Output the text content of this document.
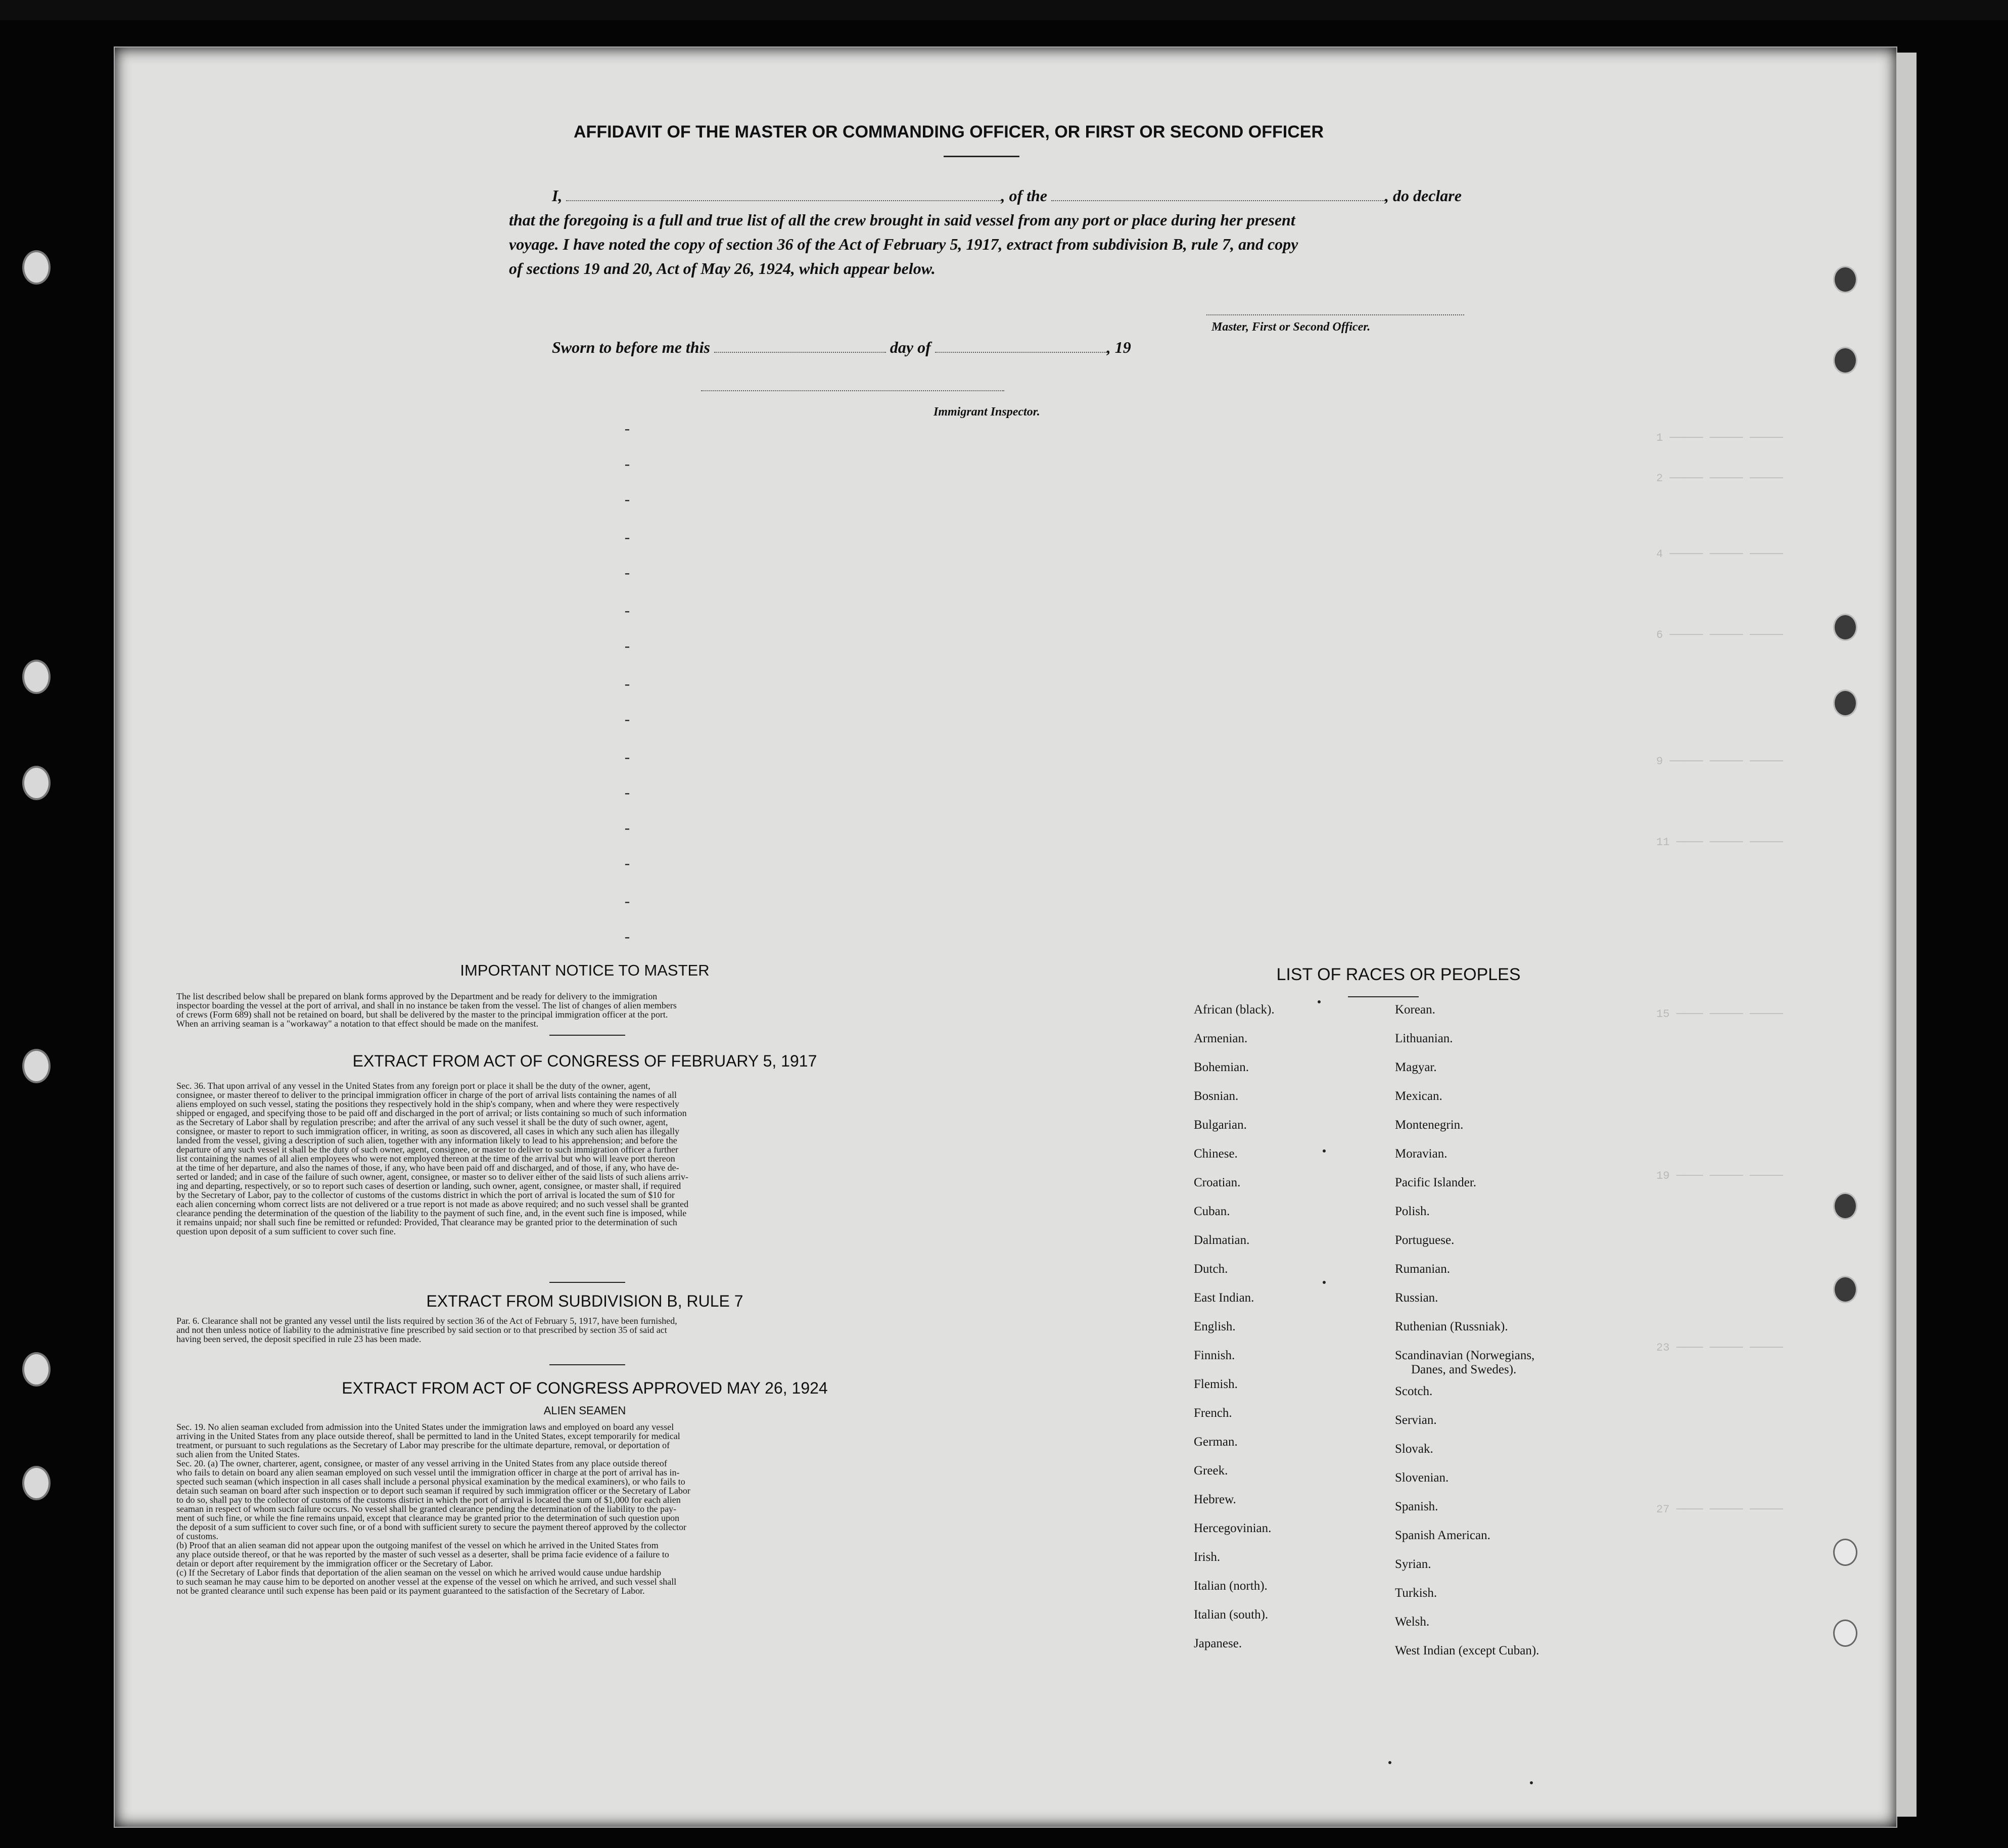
1 ───── ───── ─────
2 ───── ───── ─────
4 ───── ───── ─────
6 ───── ───── ─────
9 ───── ───── ─────
11 ──── ───── ─────
15 ──── ───── ─────
19 ──── ───── ─────
23 ──── ───── ─────
27 ──── ───── ─────
-
-
-
-
-
-
-
-
-
-
-
-
-
-
-
AFFIDAVIT OF THE MASTER OR COMMANDING OFFICER, OR FIRST OR SECOND OFFICER
I,	, of the	, do declare
that the foregoing is a full and true list of all the crew brought in said vessel from any port or place during her present
voyage. I have noted the copy of section 36 of the Act of February 5, 1917, extract from subdivision B, rule 7, and copy
of sections 19 and 20, Act of May 26, 1924, which appear below.
Master, First or Second Officer.
Sworn to before me this	day of	, 19
Immigrant Inspector.
IMPORTANT NOTICE TO MASTER
The list described below shall be prepared on blank forms approved by the Department and be ready for delivery to the immigration
inspector boarding the vessel at the port of arrival, and shall in no instance be taken from the vessel. The list of changes of alien members
of crews (Form 689) shall not be retained on board, but shall be delivered by the master to the principal immigration officer at the port.
When an arriving seaman is a "workaway" a notation to that effect should be made on the manifest.
EXTRACT FROM ACT OF CONGRESS OF FEBRUARY 5, 1917
Sec. 36. That upon arrival of any vessel in the United States from any foreign port or place it shall be the duty of the owner, agent,
consignee, or master thereof to deliver to the principal immigration officer in charge of the port of arrival lists containing the names of all
aliens employed on such vessel, stating the positions they respectively hold in the ship's company, when and where they were respectively
shipped or engaged, and specifying those to be paid off and discharged in the port of arrival; or lists containing so much of such information
as the Secretary of Labor shall by regulation prescribe; and after the arrival of any such vessel it shall be the duty of such owner, agent,
consignee, or master to report to such immigration officer, in writing, as soon as discovered, all cases in which any such alien has illegally
landed from the vessel, giving a description of such alien, together with any information likely to lead to his apprehension; and before the
departure of any such vessel it shall be the duty of such owner, agent, consignee, or master to deliver to such immigration officer a further
list containing the names of all alien employees who were not employed thereon at the time of the arrival but who will leave port thereon
at the time of her departure, and also the names of those, if any, who have been paid off and discharged, and of those, if any, who have de-
serted or landed; and in case of the failure of such owner, agent, consignee, or master so to deliver either of the said lists of such aliens arriv-
ing and departing, respectively, or so to report such cases of desertion or landing, such owner, agent, consignee, or master shall, if required
by the Secretary of Labor, pay to the collector of customs of the customs district in which the port of arrival is located the sum of $10 for
each alien concerning whom correct lists are not delivered or a true report is not made as above required; and no such vessel shall be granted
clearance pending the determination of the question of the liability to the payment of such fine, and, in the event such fine is imposed, while
it remains unpaid; nor shall such fine be remitted or refunded: Provided, That clearance may be granted prior to the determination of such
question upon deposit of a sum sufficient to cover such fine.
EXTRACT FROM SUBDIVISION B, RULE 7
Par. 6. Clearance shall not be granted any vessel until the lists required by section 36 of the Act of February 5, 1917, have been furnished,
and not then unless notice of liability to the administrative fine prescribed by said section or to that prescribed by section 35 of said act
having been served, the deposit specified in rule 23 has been made.
EXTRACT FROM ACT OF CONGRESS APPROVED MAY 26, 1924
ALIEN SEAMEN
Sec. 19. No alien seaman excluded from admission into the United States under the immigration laws and employed on board any vessel
arriving in the United States from any place outside thereof, shall be permitted to land in the United States, except temporarily for medical
treatment, or pursuant to such regulations as the Secretary of Labor may prescribe for the ultimate departure, removal, or deportation of
such alien from the United States.
Sec. 20. (a) The owner, charterer, agent, consignee, or master of any vessel arriving in the United States from any place outside thereof
who fails to detain on board any alien seaman employed on such vessel until the immigration officer in charge at the port of arrival has in-
spected such seaman (which inspection in all cases shall include a personal physical examination by the medical examiners), or who fails to
detain such seaman on board after such inspection or to deport such seaman if required by such immigration officer or the Secretary of Labor
to do so, shall pay to the collector of customs of the customs district in which the port of arrival is located the sum of $1,000 for each alien
seaman in respect of whom such failure occurs. No vessel shall be granted clearance pending the determination of the liability to the pay-
ment of such fine, or while the fine remains unpaid, except that clearance may be granted prior to the determination of such question upon
the deposit of a sum sufficient to cover such fine, or of a bond with sufficient surety to secure the payment thereof approved by the collector
of customs.
(b) Proof that an alien seaman did not appear upon the outgoing manifest of the vessel on which he arrived in the United States from
any place outside thereof, or that he was reported by the master of such vessel as a deserter, shall be prima facie evidence of a failure to
detain or deport after requirement by the immigration officer or the Secretary of Labor.
(c) If the Secretary of Labor finds that deportation of the alien seaman on the vessel on which he arrived would cause undue hardship
to such seaman he may cause him to be deported on another vessel at the expense of the vessel on which he arrived, and such vessel shall
not be granted clearance until such expense has been paid or its payment guaranteed to the satisfaction of the Secretary of Labor.
LIST OF RACES OR PEOPLES
African (black).
Armenian.
Bohemian.
Bosnian.
Bulgarian.
Chinese.
Croatian.
Cuban.
Dalmatian.
Dutch.
East Indian.
English.
Finnish.
Flemish.
French.
German.
Greek.
Hebrew.
Hercegovinian.
Irish.
Italian (north).
Italian (south).
Japanese.
Korean.
Lithuanian.
Magyar.
Mexican.
Montenegrin.
Moravian.
Pacific Islander.
Polish.
Portuguese.
Rumanian.
Russian.
Ruthenian (Russniak).
Scandinavian (Norwegians,
Danes, and Swedes).
Scotch.
Servian.
Slovak.
Slovenian.
Spanish.
Spanish American.
Syrian.
Turkish.
Welsh.
West Indian (except Cuban).
